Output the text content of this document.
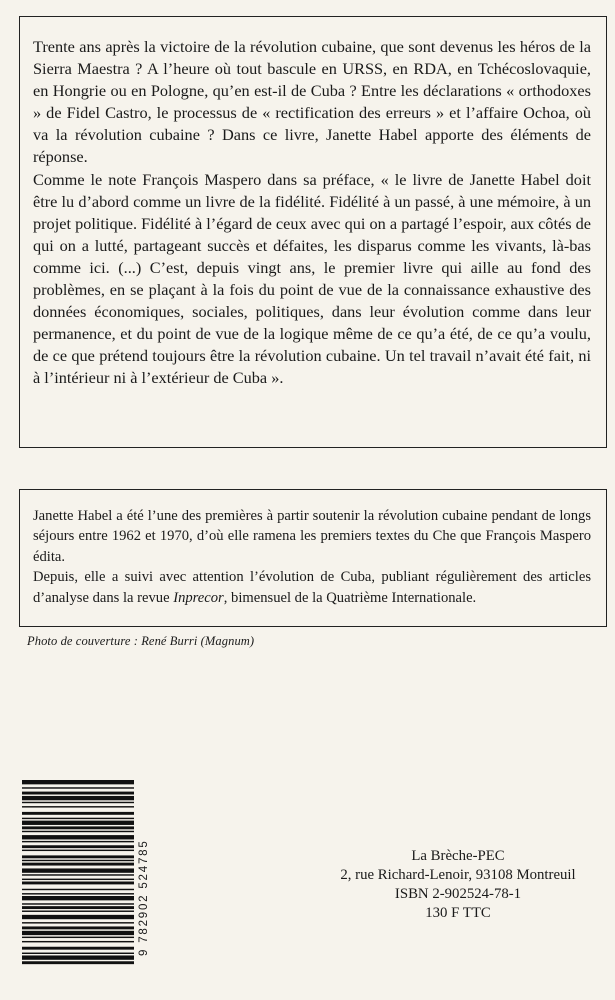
Trente ans après la victoire de la révolution cubaine, que sont devenus les héros de la Sierra Maestra ? A l’heure où tout bascule en URSS, en RDA, en Tchécoslovaquie, en Hongrie ou en Pologne, qu’en est-il de Cuba ? Entre les déclarations « orthodoxes » de Fidel Castro, le processus de « rectification des erreurs » et l’affaire Ochoa, où va la révolution cubaine ? Dans ce livre, Janette Habel apporte des éléments de réponse.

Comme le note François Maspero dans sa préface, « le livre de Janette Habel doit être lu d’abord comme un livre de la fidélité. Fidélité à un passé, à une mémoire, à un projet politique. Fidélité à l’égard de ceux avec qui on a partagé l’espoir, aux côtés de qui on a lutté, partageant succès et défaites, les disparus comme les vivants, là-bas comme ici. (...) C’est, depuis vingt ans, le premier livre qui aille au fond des problèmes, en se plaçant à la fois du point de vue de la connaissance exhaustive des données économiques, sociales, politiques, dans leur évolution comme dans leur permanence, et du point de vue de la logique même de ce qu’a été, de ce qu’a voulu, de ce que prétend toujours être la révolution cubaine. Un tel travail n’avait été fait, ni à l’intérieur ni à l’extérieur de Cuba ».

Janette Habel a été l’une des premières à partir soutenir la révolution cubaine pendant de longs séjours entre 1962 et 1970, d’où elle ramena les premiers textes du Che que François Maspero édita.

Depuis, elle a suivi avec attention l’évolution de Cuba, publiant régulièrement des articles d’analyse dans la revue Inprecor, bimensuel de la Quatrième Internationale.

Photo de couverture : René Burri (Magnum)
9 782902 524785	La Brèche-PEC
2, rue Richard-Lenoir, 93108 Montreuil
ISBN 2-902524-78-1
130 F TTC
